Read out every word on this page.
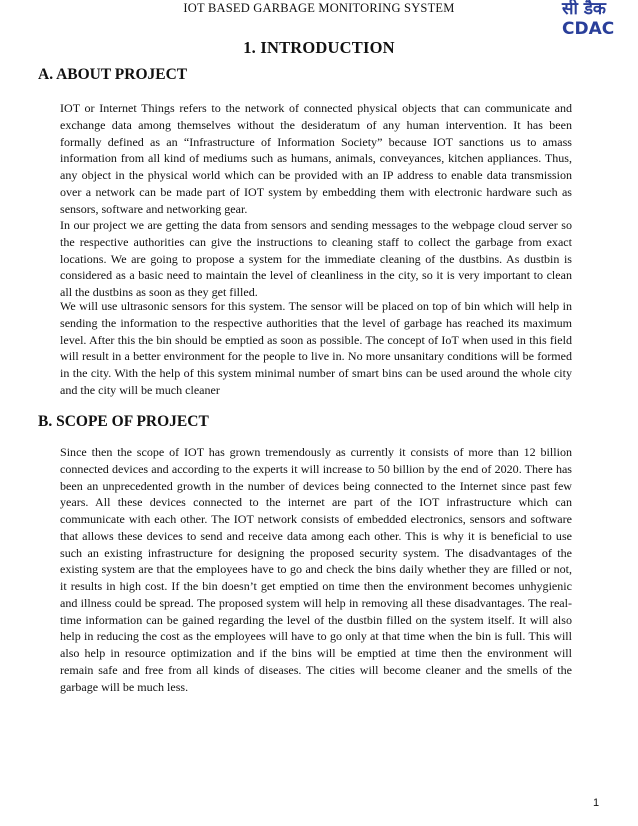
IOT BASED GARBAGE MONITORING SYSTEM	सी डैक
CDAC
1. INTRODUCTION
A. ABOUT PROJECT

IOT or Internet Things refers to the network of connected physical objects that can communicate and exchange data among themselves without the desideratum of any human intervention. It has been formally defined as an “Infrastructure of Information Society” because IOT sanctions us to amass information from all kind of mediums such as humans, animals, conveyances, kitchen appliances. Thus, any object in the physical world which can be provided with an IP address to enable data transmission over a network can be made part of IOT system by embedding them with electronic hardware such as sensors, software and networking gear.

In our project we are getting the data from sensors and sending messages to the webpage cloud server so the respective authorities can give the instructions to cleaning staff to collect the garbage from exact locations. We are going to propose a system for the immediate cleaning of the dustbins. As dustbin is considered as a basic need to maintain the level of cleanliness in the city, so it is very important to clean all the dustbins as soon as they get filled.

We will use ultrasonic sensors for this system. The sensor will be placed on top of bin which will help in sending the information to the respective authorities that the level of garbage has reached its maximum level. After this the bin should be emptied as soon as possible. The concept of IoT when used in this field will result in a better environment for the people to live in. No more unsanitary conditions will be formed in the city. With the help of this system minimal number of smart bins can be used around the whole city and the city will be much cleaner

B. SCOPE OF PROJECT

Since then the scope of IOT has grown tremendously as currently it consists of more than 12 billion connected devices and according to the experts it will increase to 50 billion by the end of 2020. There has been an unprecedented growth in the number of devices being connected to the Internet since past few years. All these devices connected to the internet are part of the IOT infrastructure which can communicate with each other. The IOT network consists of embedded electronics, sensors and software that allows these devices to send and receive data among each other. This is why it is beneficial to use such an existing infrastructure for designing the proposed security system. The disadvantages of the existing system are that the employees have to go and check the bins daily whether they are filled or not, it results in high cost. If the bin doesn’t get emptied on time then the environment becomes unhygienic and illness could be spread. The proposed system will help in removing all these disadvantages. The real-time information can be gained regarding the level of the dustbin filled on the system itself. It will also help in reducing the cost as the employees will have to go only at that time when the bin is full. This will also help in resource optimization and if the bins will be emptied at time then the environment will remain safe and free from all kinds of diseases. The cities will become cleaner and the smells of the garbage will be much less.

1
